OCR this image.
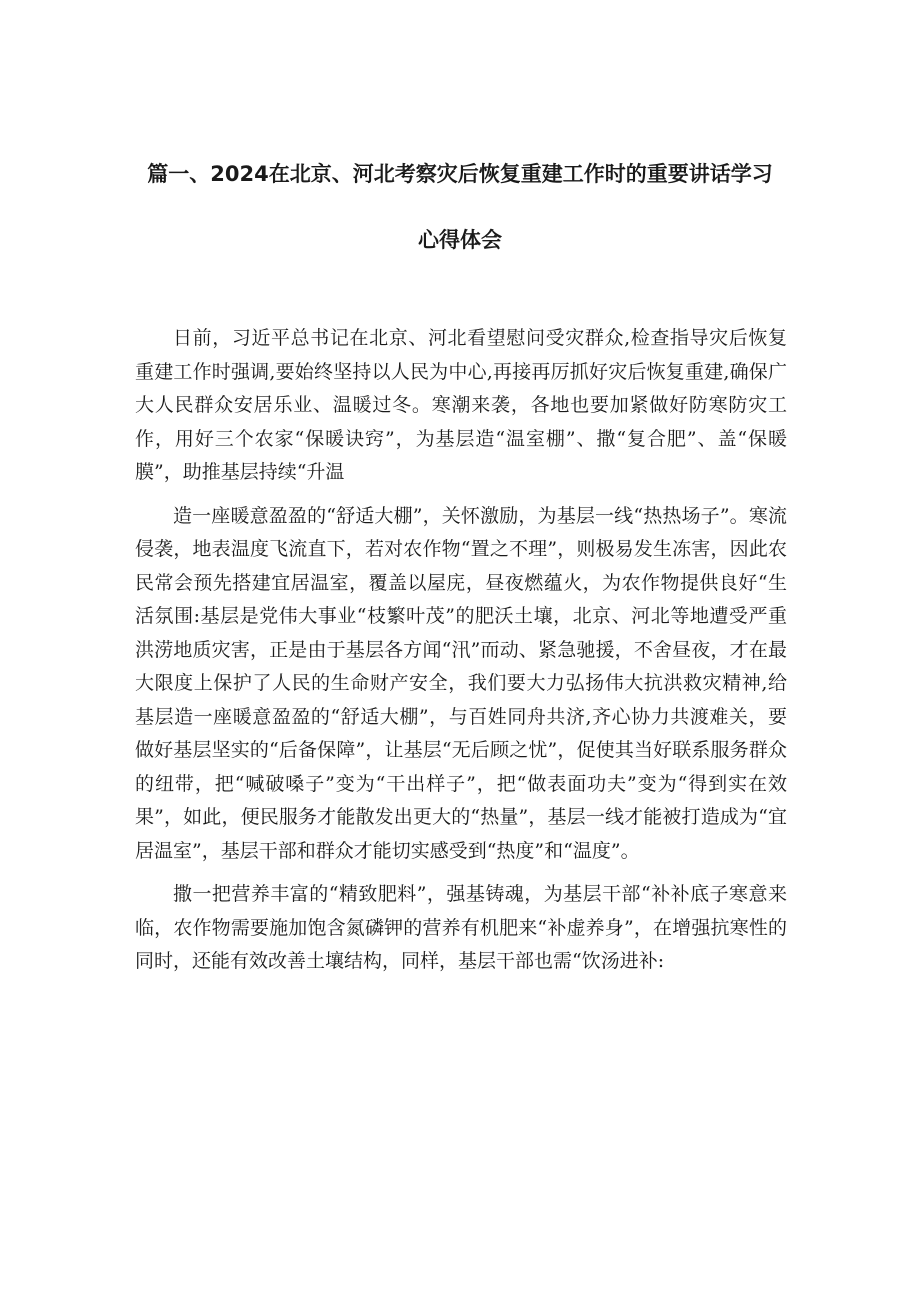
篇一、2024在北京、河北考察灾后恢复重建工作时的重要讲话学习
心得体会

日前，习近平总书记在北京、河北看望慰问受灾群众,检查指导灾后恢复重建工作时强调,要始终坚持以人民为中心,再接再厉抓好灾后恢复重建,确保广大人民群众安居乐业、温暖过冬。寒潮来袭，各地也要加紧做好防寒防灾工作，用好三个农家“保暖诀窍”，为基层造“温室棚”、撒“复合肥”、盖“保暖膜”，助推基层持续“升温

造一座暖意盈盈的“舒适大棚”，关怀激励，为基层一线“热热场子”。寒流侵袭，地表温度飞流直下，若对农作物“置之不理”，则极易发生冻害，因此农民常会预先搭建宜居温室，覆盖以屋庑，昼夜燃蕴火，为农作物提供良好“生活氛围:基层是党伟大事业“枝繁叶茂”的肥沃土壤，北京、河北等地遭受严重洪涝地质灾害，正是由于基层各方闻“汛”而动、紧急驰援，不舍昼夜，才在最大限度上保护了人民的生命财产安全，我们要大力弘扬伟大抗洪救灾精神,给基层造一座暖意盈盈的“舒适大棚”，与百姓同舟共济,齐心协力共渡难关，要做好基层坚实的“后备保障”，让基层“无后顾之忧”，促使其当好联系服务群众的纽带，把“喊破嗓子”变为“干出样子”，把“做表面功夫”变为“得到实在效果”，如此，便民服务才能散发出更大的“热量”，基层一线才能被打造成为“宜居温室”，基层干部和群众才能切实感受到“热度”和“温度”。

撒一把营养丰富的“精致肥料”，强基铸魂，为基层干部“补补底子寒意来临，农作物需要施加饱含氮磷钾的营养有机肥来“补虚养身”，在增强抗寒性的同时，还能有效改善土壤结构，同样，基层干部也需“饮汤进补:
